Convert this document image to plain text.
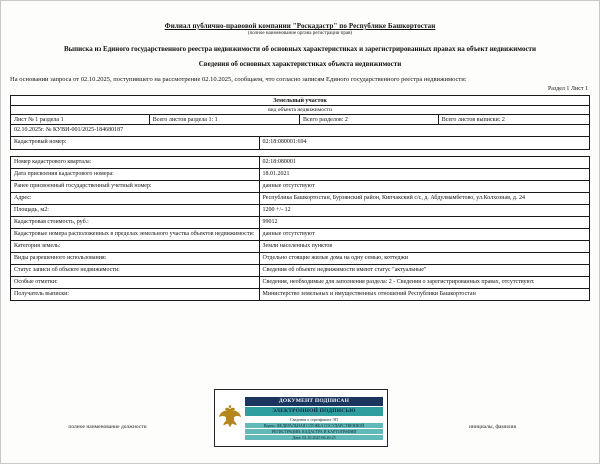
Филиал публично-правовой компании "Роскадастр" по Республике Башкортостан
(полное наименование органа регистрации прав)
Выписка из Единого государственного реестра недвижимости об основных характеристиках и зарегистрированных правах на объект недвижимости
Сведения об основных характеристиках объекта недвижимости
На основании запроса от 02.10.2025, поступившего на рассмотрение 02.10.2025, сообщаем, что согласно записям Единого государственного реестра недвижимости:
Раздел 1 Лист 1
Земельный участок
вид объекта недвижимости
Лист № 1 раздела 1	Всего листов раздела 1: 1	Всего разделов: 2	Всего листов выписки: 2
02.10.2025г. № КУВИ-001/2025-184680187
Кадастровый номер:	02:18:080001:694
Номер кадастрового квартала:	02:18:080001
Дата присвоения кадастрового номера:	18.01.2021
Ранее присвоенный государственный учетный номер:	данные отсутствуют
Адрес:	Республика Башкортостан, Бурзянский район, Кипчакский с/с, д. Абдулмамбетово, ул.Колхозная, д. 24
Площадь, м2:	1200 +/- 12
Кадастровая стоимость, руб.:	99012
Кадастровые номера расположенных в пределах земельного участка объектов недвижимости:	данные отсутствуют
Категория земель:	Земли населенных пунктов
Виды разрешенного использования:	Отдельно стоящие жилые дома на одну семью, коттеджи
Статус записи об объекте недвижимости:	Сведения об объекте недвижимости имеют статус "актуальные"
Особые отметки:	Сведения, необходимые для заполнения раздела: 2 - Сведения о зарегистрированных правах, отсутствуют.
Получатель выписки:	Министерство земельных и имущественных отношений Республики Башкортостан
ДОКУМЕНТ ПОДПИСАН
ЭЛЕКТРОННОЙ ПОДПИСЬЮ
Сведения о сертификате ЭП
Верно: ФЕДЕРАЛЬНАЯ СЛУЖБА ГОСУДАРСТВЕННОЙ
РЕГИСТРАЦИИ, КАДАСТРА И КАРТОГРАФИИ
Дата: 02.10.2025 06:26:25
полное наименование должности	инициалы, фамилия
